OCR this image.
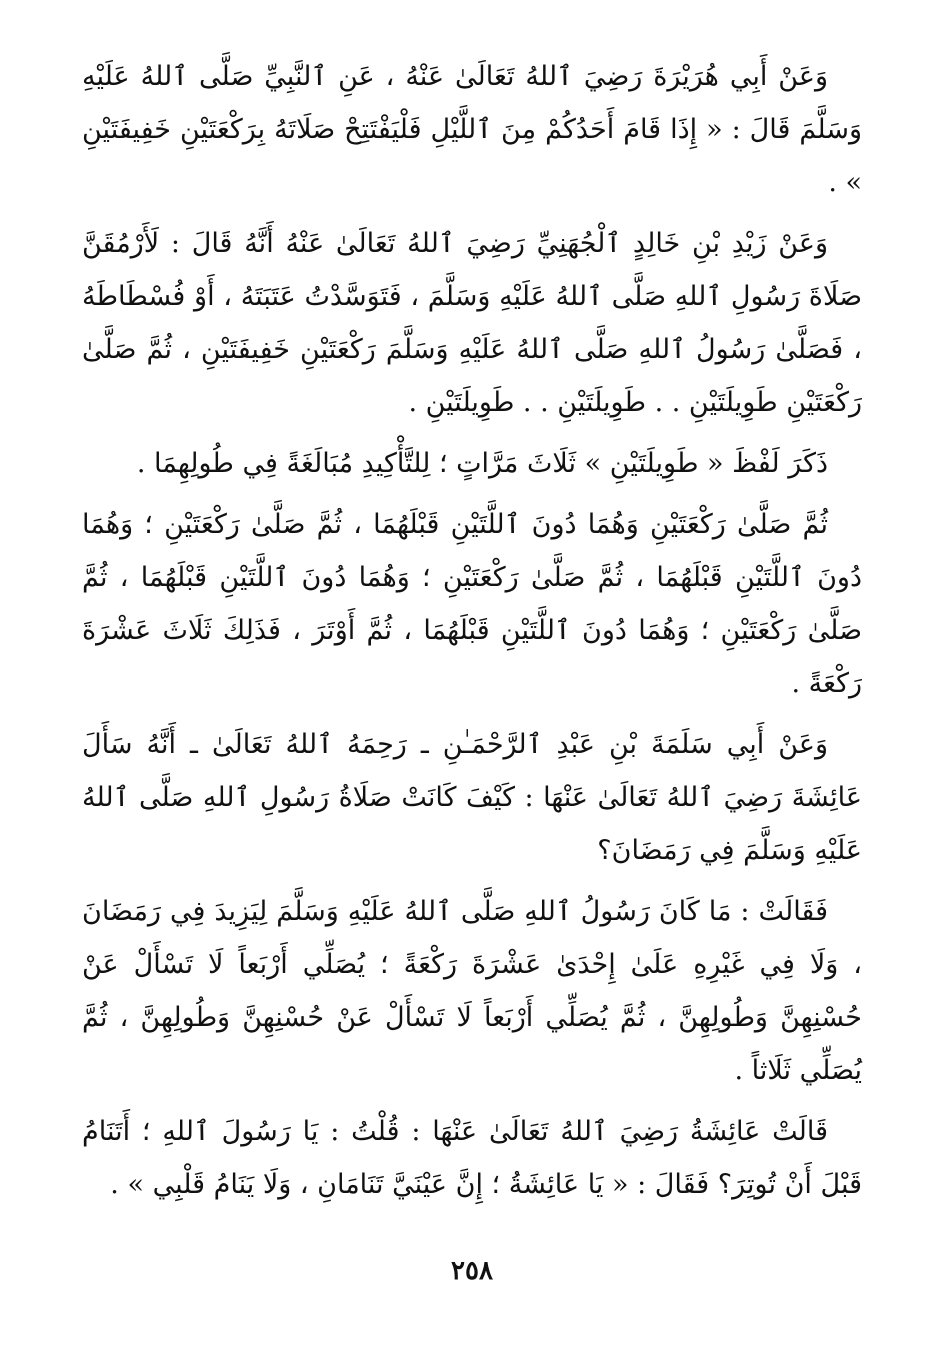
وَعَنْ أَبِي هُرَيْرَةَ رَضِيَ ٱللهُ تَعَالَىٰ عَنْهُ ، عَنِ ٱلنَّبِيِّ صَلَّى ٱللهُ عَلَيْهِ وَسَلَّمَ قَالَ : « إِذَا قَامَ أَحَدُكُمْ مِنَ ٱللَّيْلِ فَلْيَفْتَتِحْ صَلَاتَهُ بِرَكْعَتَيْنِ خَفِيفَتَيْنِ » .

وَعَنْ زَيْدِ بْنِ خَالِدٍ ٱلْجُهَنِيِّ رَضِيَ ٱللهُ تَعَالَىٰ عَنْهُ أَنَّهُ قَالَ : لَأَرْمُقَنَّ صَلَاةَ رَسُولِ ٱللهِ صَلَّى ٱللهُ عَلَيْهِ وَسَلَّمَ ، فَتَوَسَّدْتُ عَتَبَتَهُ ، أَوْ فُسْطَاطَهُ ، فَصَلَّىٰ رَسُولُ ٱللهِ صَلَّى ٱللهُ عَلَيْهِ وَسَلَّمَ رَكْعَتَيْنِ خَفِيفَتَيْنِ ، ثُمَّ صَلَّىٰ رَكْعَتَيْنِ طَوِيلَتَيْنِ . . طَوِيلَتَيْنِ . . طَوِيلَتَيْنِ .

ذَكَرَ لَفْظَ « طَوِيلَتَيْنِ » ثَلَاثَ مَرَّاتٍ ؛ لِلتَّأْكِيدِ مُبَالَغَةً فِي طُولِهِمَا .

ثُمَّ صَلَّىٰ رَكْعَتَيْنِ وَهُمَا دُونَ ٱللَّتَيْنِ قَبْلَهُمَا ، ثُمَّ صَلَّىٰ رَكْعَتَيْنِ ؛ وَهُمَا دُونَ ٱللَّتَيْنِ قَبْلَهُمَا ، ثُمَّ صَلَّىٰ رَكْعَتَيْنِ ؛ وَهُمَا دُونَ ٱللَّتَيْنِ قَبْلَهُمَا ، ثُمَّ صَلَّىٰ رَكْعَتَيْنِ ؛ وَهُمَا دُونَ ٱللَّتَيْنِ قَبْلَهُمَا ، ثُمَّ أَوْتَرَ ، فَذَلِكَ ثَلَاثَ عَشْرَةَ رَكْعَةً .

وَعَنْ أَبِي سَلَمَةَ بْنِ عَبْدِ ٱلرَّحْمَـٰنِ ـ رَحِمَهُ ٱللهُ تَعَالَىٰ ـ أَنَّهُ سَأَلَ عَائِشَةَ رَضِيَ ٱللهُ تَعَالَىٰ عَنْهَا : كَيْفَ كَانَتْ صَلَاةُ رَسُولِ ٱللهِ صَلَّى ٱللهُ عَلَيْهِ وَسَلَّمَ فِي رَمَضَانَ؟

فَقَالَتْ : مَا كَانَ رَسُولُ ٱللهِ صَلَّى ٱللهُ عَلَيْهِ وَسَلَّمَ لِيَزِيدَ فِي رَمَضَانَ ، وَلَا فِي غَيْرِهِ عَلَىٰ إِحْدَىٰ عَشْرَةَ رَكْعَةً ؛ يُصَلِّي أَرْبَعاً لَا تَسْأَلْ عَنْ حُسْنِهِنَّ وَطُولِهِنَّ ، ثُمَّ يُصَلِّي أَرْبَعاً لَا تَسْأَلْ عَنْ حُسْنِهِنَّ وَطُولِهِنَّ ، ثُمَّ يُصَلِّي ثَلَاثاً .

قَالَتْ عَائِشَةُ رَضِيَ ٱللهُ تَعَالَىٰ عَنْهَا : قُلْتُ : يَا رَسُولَ ٱللهِ ؛ أَتَنَامُ قَبْلَ أَنْ تُوتِرَ؟ فَقَالَ : « يَا عَائِشَةُ ؛ إِنَّ عَيْنَيَّ تَنَامَانِ ، وَلَا يَنَامُ قَلْبِي » .

٢٥٨
